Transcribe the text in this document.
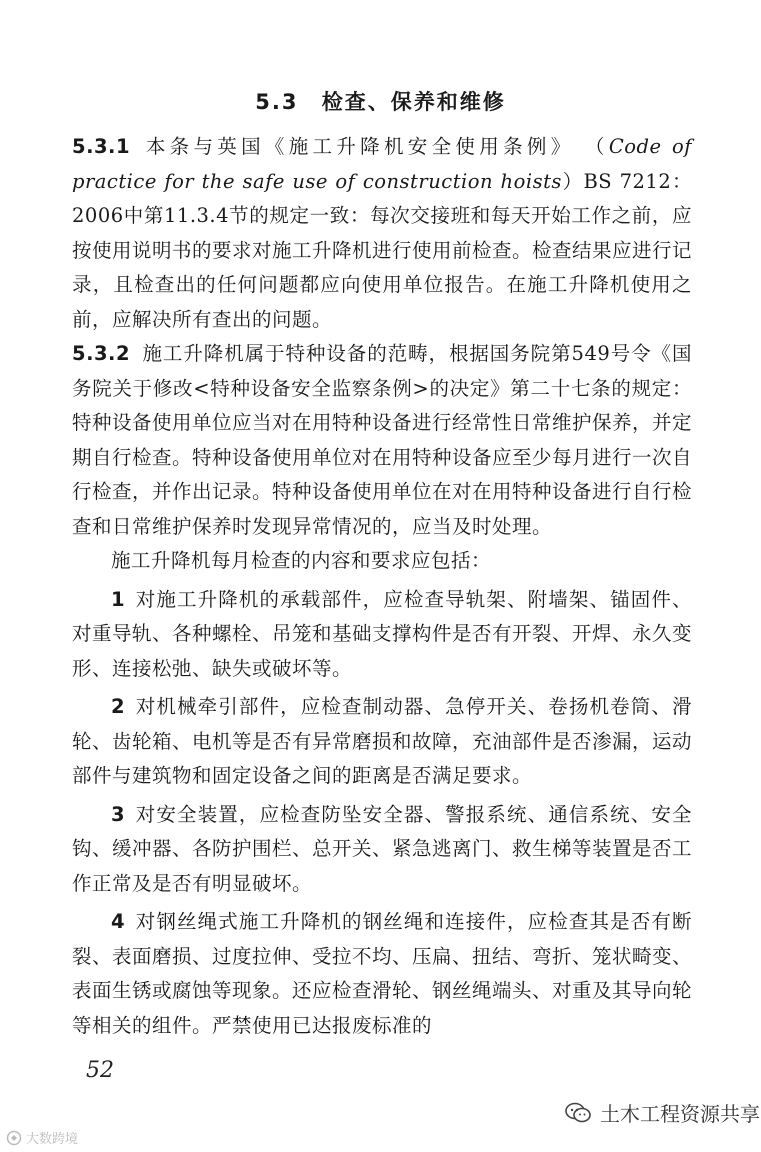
5.3 检查、保养和维修

5.3.1 本条与英国《施工升降机安全使用条例》 （Code of practice for the safe use of construction hoists）BS 7212：2006中第11.3.4节的规定一致：每次交接班和每天开始工作之前，应按使用说明书的要求对施工升降机进行使用前检查。检查结果应进行记录，且检查出的任何问题都应向使用单位报告。在施工升降机使用之前，应解决所有查出的问题。

5.3.2 施工升降机属于特种设备的范畴，根据国务院第549号令《国务院关于修改<特种设备安全监察条例>的决定》第二十七条的规定：特种设备使用单位应当对在用特种设备进行经常性日常维护保养，并定期自行检查。特种设备使用单位对在用特种设备应至少每月进行一次自行检查，并作出记录。特种设备使用单位在对在用特种设备进行自行检查和日常维护保养时发现异常情况的，应当及时处理。

施工升降机每月检查的内容和要求应包括：

1 对施工升降机的承载部件，应检查导轨架、附墙架、锚固件、对重导轨、各种螺栓、吊笼和基础支撑构件是否有开裂、开焊、永久变形、连接松弛、缺失或破坏等。

2 对机械牵引部件，应检查制动器、急停开关、卷扬机卷筒、滑轮、齿轮箱、电机等是否有异常磨损和故障，充油部件是否渗漏，运动部件与建筑物和固定设备之间的距离是否满足要求。

3 对安全装置，应检查防坠安全器、警报系统、通信系统、安全钩、缓冲器、各防护围栏、总开关、紧急逃离门、救生梯等装置是否工作正常及是否有明显破坏。

4 对钢丝绳式施工升降机的钢丝绳和连接件，应检查其是否有断裂、表面磨损、过度拉伸、受拉不均、压扁、扭结、弯折、笼状畸变、表面生锈或腐蚀等现象。还应检查滑轮、钢丝绳端头、对重及其导向轮等相关的组件。严禁使用已达报废标准的

52
土木工程资源共享
大数跨境
